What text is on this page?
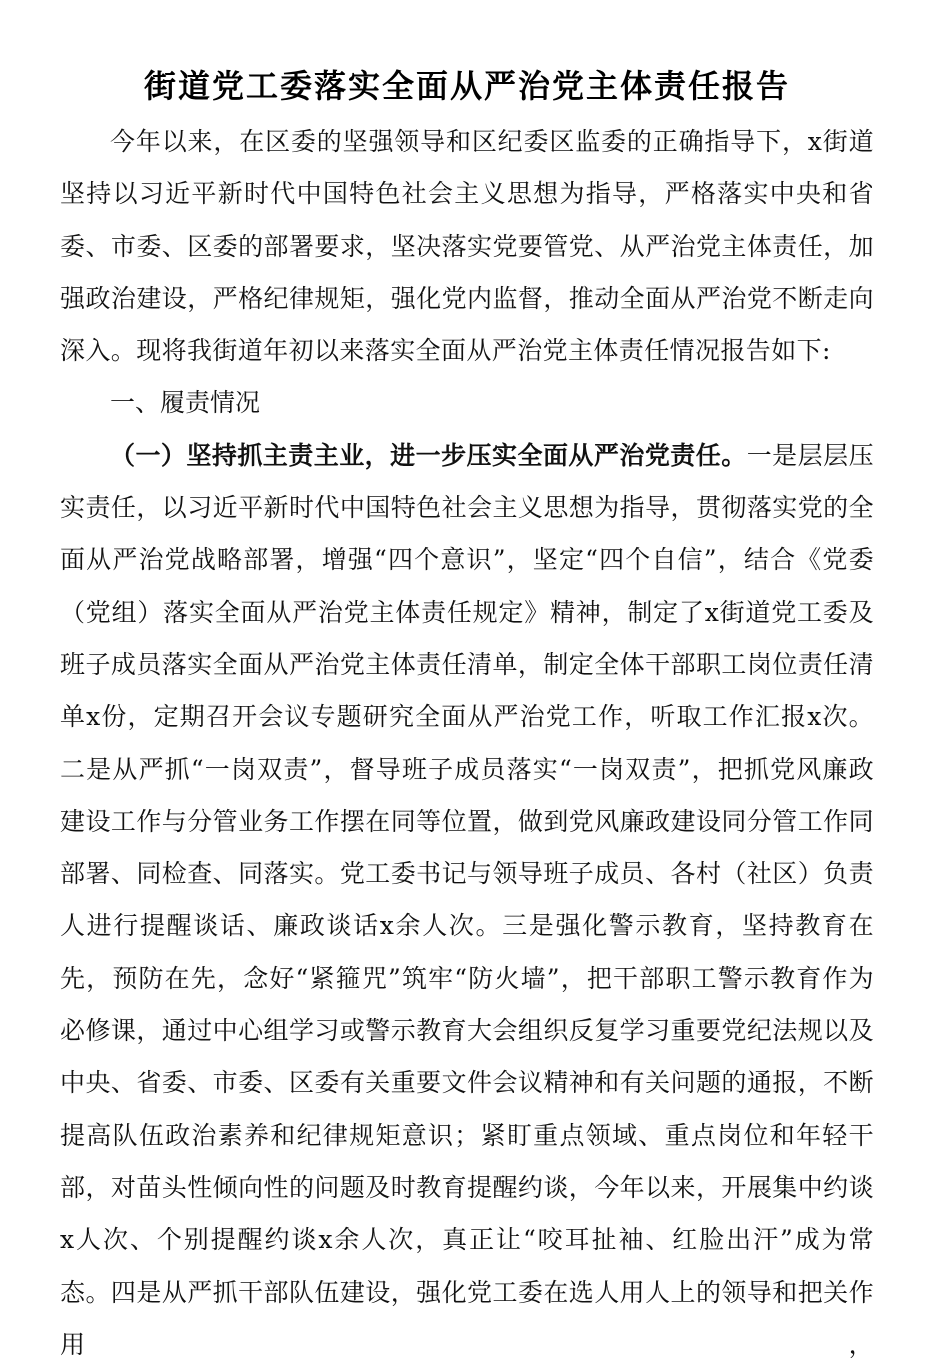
街道党工委落实全面从严治党主体责任报告

今年以来，在区委的坚强领导和区纪委区监委的正确指导下，x街道坚持以习近平新时代中国特色社会主义思想为指导，严格落实中央和省委、市委、区委的部署要求，坚决落实党要管党、从严治党主体责任，加强政治建设，严格纪律规矩，强化党内监督，推动全面从严治党不断走向深入。现将我街道年初以来落实全面从严治党主体责任情况报告如下:

一、履责情况

（一）坚持抓主责主业，进一步压实全面从严治党责任。一是层层压实责任，以习近平新时代中国特色社会主义思想为指导，贯彻落实党的全面从严治党战略部署，增强“四个意识”，坚定“四个自信”，结合《党委（党组）落实全面从严治党主体责任规定》精神，制定了x街道党工委及班子成员落实全面从严治党主体责任清单，制定全体干部职工岗位责任清单x份，定期召开会议专题研究全面从严治党工作，听取工作汇报x次。二是从严抓“一岗双责”，督导班子成员落实“一岗双责”，把抓党风廉政建设工作与分管业务工作摆在同等位置，做到党风廉政建设同分管工作同部署、同检查、同落实。党工委书记与领导班子成员、各村（社区）负责人进行提醒谈话、廉政谈话x余人次。三是强化警示教育，坚持教育在先，预防在先，念好“紧箍咒”筑牢“防火墙”，把干部职工警示教育作为必修课，通过中心组学习或警示教育大会组织反复学习重要党纪法规以及中央、省委、市委、区委有关重要文件会议精神和有关问题的通报，不断提高队伍政治素养和纪律规矩意识；紧盯重点领域、重点岗位和年轻干部，对苗头性倾向性的问题及时教育提醒约谈，今年以来，开展集中约谈x人次、个别提醒约谈x余人次，真正让“咬耳扯袖、红脸出汗”成为常态。四是从严抓干部队伍建设，强化党工委在选人用人上的领导和把关作用，
